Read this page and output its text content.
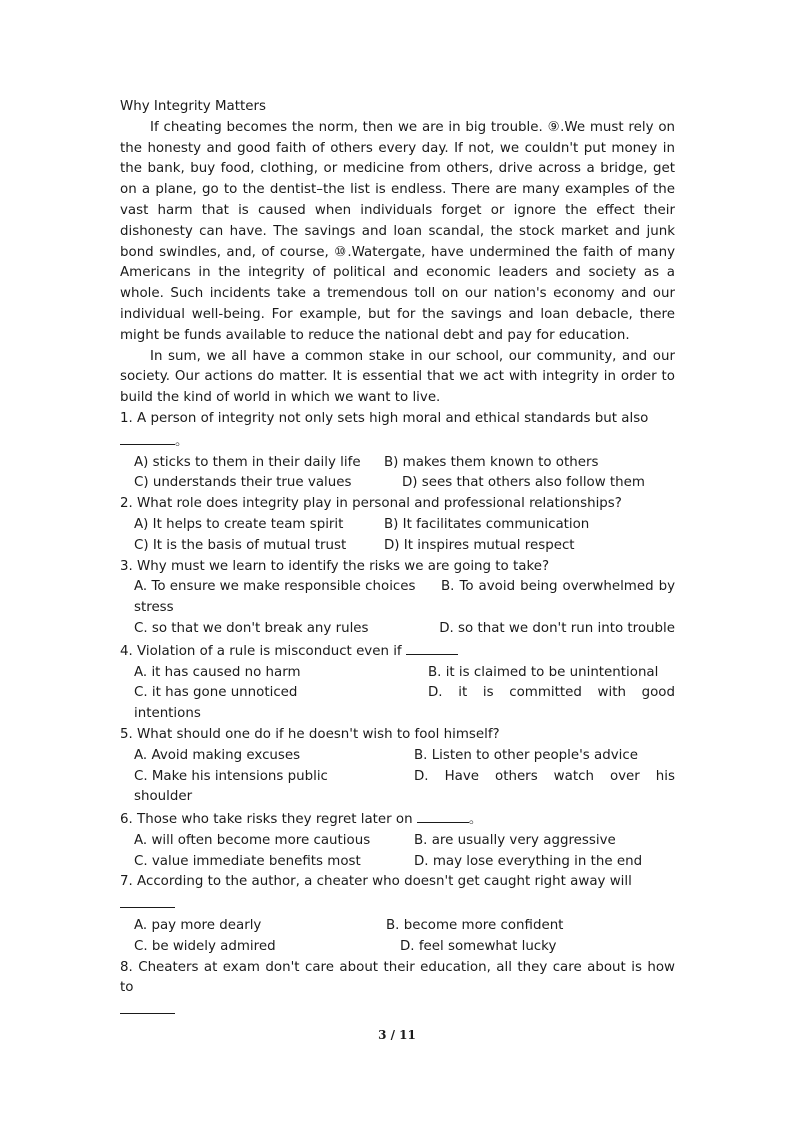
Why Integrity Matters

If cheating becomes the norm, then we are in big trouble. ⑨.We must rely on the honesty and good faith of others every day. If not, we couldn't put money in the bank, buy food, clothing, or medicine from others, drive across a bridge, get on a plane, go to the dentist–the list is endless. There are many examples of the vast harm that is caused when individuals forget or ignore the effect their dishonesty can have. The savings and loan scandal, the stock market and junk bond swindles, and, of course, ⑩.Watergate, have undermined the faith of many Americans in the integrity of political and economic leaders and society as a whole. Such incidents take a tremendous toll on our nation's economy and our individual well-being. For example, but for the savings and loan debacle, there might be funds available to reduce the national debt and pay for education.

In sum, we all have a common stake in our school, our community, and our society. Our actions do matter. It is essential that we act with integrity in order to build the kind of world in which we want to live.

1. A person of integrity not only sets high moral and ethical standards but also
。

A) sticks to them in their daily life	B) makes them known to others
C) understands their true values	D) sees that others also follow them

2. What role does integrity play in personal and professional relationships?

A) It helps to create team spirit	B) It facilitates communication
C) It is the basis of mutual trust	D) It inspires mutual respect

3. Why must we learn to identify the risks we are going to take?

A. To ensure we make responsible choices B. To avoid being overwhelmed by stress

C. so that we don't break any rules	D. so that we don't run into trouble

4. Violation of a rule is misconduct even if

A. it has caused no harm	B. it is claimed to be unintentional

C. it has gone unnoticed	D. it is committed with good intentions

5. What should one do if he doesn't wish to fool himself?

A. Avoid making excuses	B. Listen to other people's advice

C. Make his intensions public	D. Have others watch over his shoulder

6. Those who take risks they regret later on	。

A. will often become more cautious	B. are usually very aggressive
C. value immediate benefits most	D. may lose everything in the end

7. According to the author, a cheater who doesn't get caught right away will

A. pay more dearly	B. become more confident
C. be widely admired	D. feel somewhat lucky

8. Cheaters at exam don't care about their education, all they care about is how to

3 / 11
